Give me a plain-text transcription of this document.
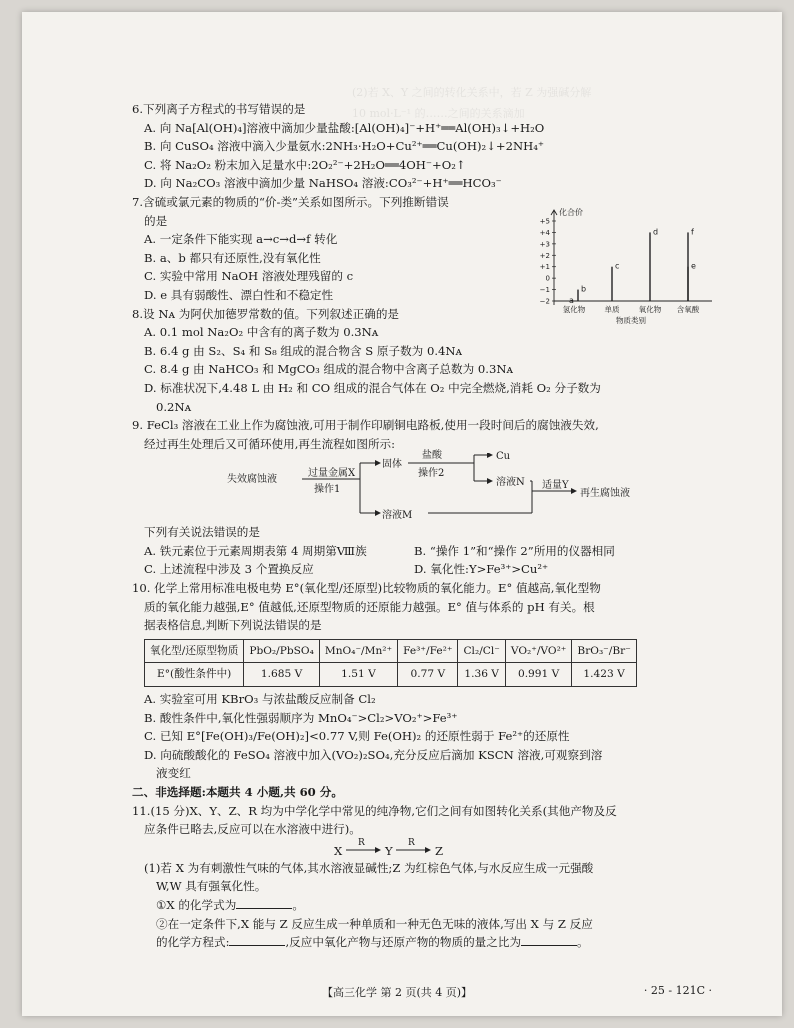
(2)若 X、Y 之间的转化关系中，若 Z 为强碱分解
10 mol·L⁻¹ 的……之间的关系滴加

6.下列离子方程式的书写错误的是

A. 向 Na[Al(OH)₄]溶液中滴加少量盐酸:[Al(OH)₄]⁻+H⁺══Al(OH)₃↓+H₂O
B. 向 CuSO₄ 溶液中滴入少量氨水:2NH₃·H₂O+Cu²⁺══Cu(OH)₂↓+2NH₄⁺
C. 将 Na₂O₂ 粉末加入足量水中:2O₂²⁻+2H₂O══4OH⁻+O₂↑
D. 向 Na₂CO₃ 溶液中滴加少量 NaHSO₄ 溶液:CO₃²⁻+H⁺══HCO₃⁻

7.含硫或氯元素的物质的“价-类”关系如图所示。下列推断错误

的是
A. 一定条件下能实现 a→c→d→f 转化
B. a、b 都只有还原性,没有氧化性
C. 实验中常用 NaOH 溶液处理残留的 c
D. e 具有弱酸性、漂白性和不稳定性

8.设 Nᴀ 为阿伏加德罗常数的值。下列叙述正确的是

A. 0.1 mol Na₂O₂ 中含有的离子数为 0.3Nᴀ
B. 6.4 g 由 S₂、S₄ 和 S₈ 组成的混合物含 S 原子数为 0.4Nᴀ
C. 8.4 g 由 NaHCO₃ 和 MgCO₃ 组成的混合物中含离子总数为 0.3Nᴀ
D. 标准状况下,4.48 L 由 H₂ 和 CO 组成的混合气体在 O₂ 中完全燃烧,消耗 O₂ 分子数为
0.2Nᴀ

9. FeCl₃ 溶液在工业上作为腐蚀液,可用于制作印刷铜电路板,使用一段时间后的腐蚀液失效,

经过再生处理后又可循环使用,再生流程如图所示:
失效腐蚀液
过量金属X
操作1
固体
盐酸
操作2
Cu
溶液N
溶液M
适量Y
再生腐蚀液
下列有关说法错误的是
A. 铁元素位于元素周期表第 4 周期第Ⅷ族	B. “操作 1”和“操作 2”所用的仪器相同
C. 上述流程中涉及 3 个置换反应	D. 氧化性:Y>Fe³⁺>Cu²⁺

10. 化学上常用标准电极电势 E°(氧化型/还原型)比较物质的氧化能力。E° 值越高,氧化型物

质的氧化能力越强,E° 值越低,还原型物质的还原能力越强。E° 值与体系的 pH 有关。根
据表格信息,判断下列说法错误的是
氧化型/还原型物质	PbO₂/PbSO₄	MnO₄⁻/Mn²⁺	Fe³⁺/Fe²⁺	Cl₂/Cl⁻	VO₂⁺/VO²⁺	BrO₃⁻/Br⁻
E°(酸性条件中)	1.685 V	1.51 V	0.77 V	1.36 V	0.991 V	1.423 V
A. 实验室可用 KBrO₃ 与浓盐酸反应制备 Cl₂
B. 酸性条件中,氧化性强弱顺序为 MnO₄⁻>Cl₂>VO₂⁺>Fe³⁺
C. 已知 E°[Fe(OH)₃/Fe(OH)₂]<0.77 V,则 Fe(OH)₂ 的还原性弱于 Fe²⁺的还原性
D. 向硫酸酸化的 FeSO₄ 溶液中加入(VO₂)₂SO₄,充分反应后滴加 KSCN 溶液,可观察到溶
液变红

二、非选择题:本题共 4 小题,共 60 分。

11.(15 分)X、Y、Z、R 均为中学化学中常见的纯净物,它们之间有如图转化关系(其他产物及反

应条件已略去,反应可以在水溶液中进行)。
X
R
Y
R
Z
(1)若 X 为有刺激性气味的气体,其水溶液显碱性;Z 为红棕色气体,与水反应生成一元强酸
W,W 具有强氧化性。
①X 的化学式为	。
②在一定条件下,X 能与 Z 反应生成一种单质和一种无色无味的液体,写出 X 与 Z 反应
的化学方程式:	,反应中氧化产物与还原产物的物质的量之比为	。
化合价
−2
−1
0
+1
+2
+3
+4
+5
氢化物	单质	氧化物 含氧酸
物质类别
a
b
c
d	f
e
【高三化学 第 2 页(共 4 页)】	· 25 - 121C ·
